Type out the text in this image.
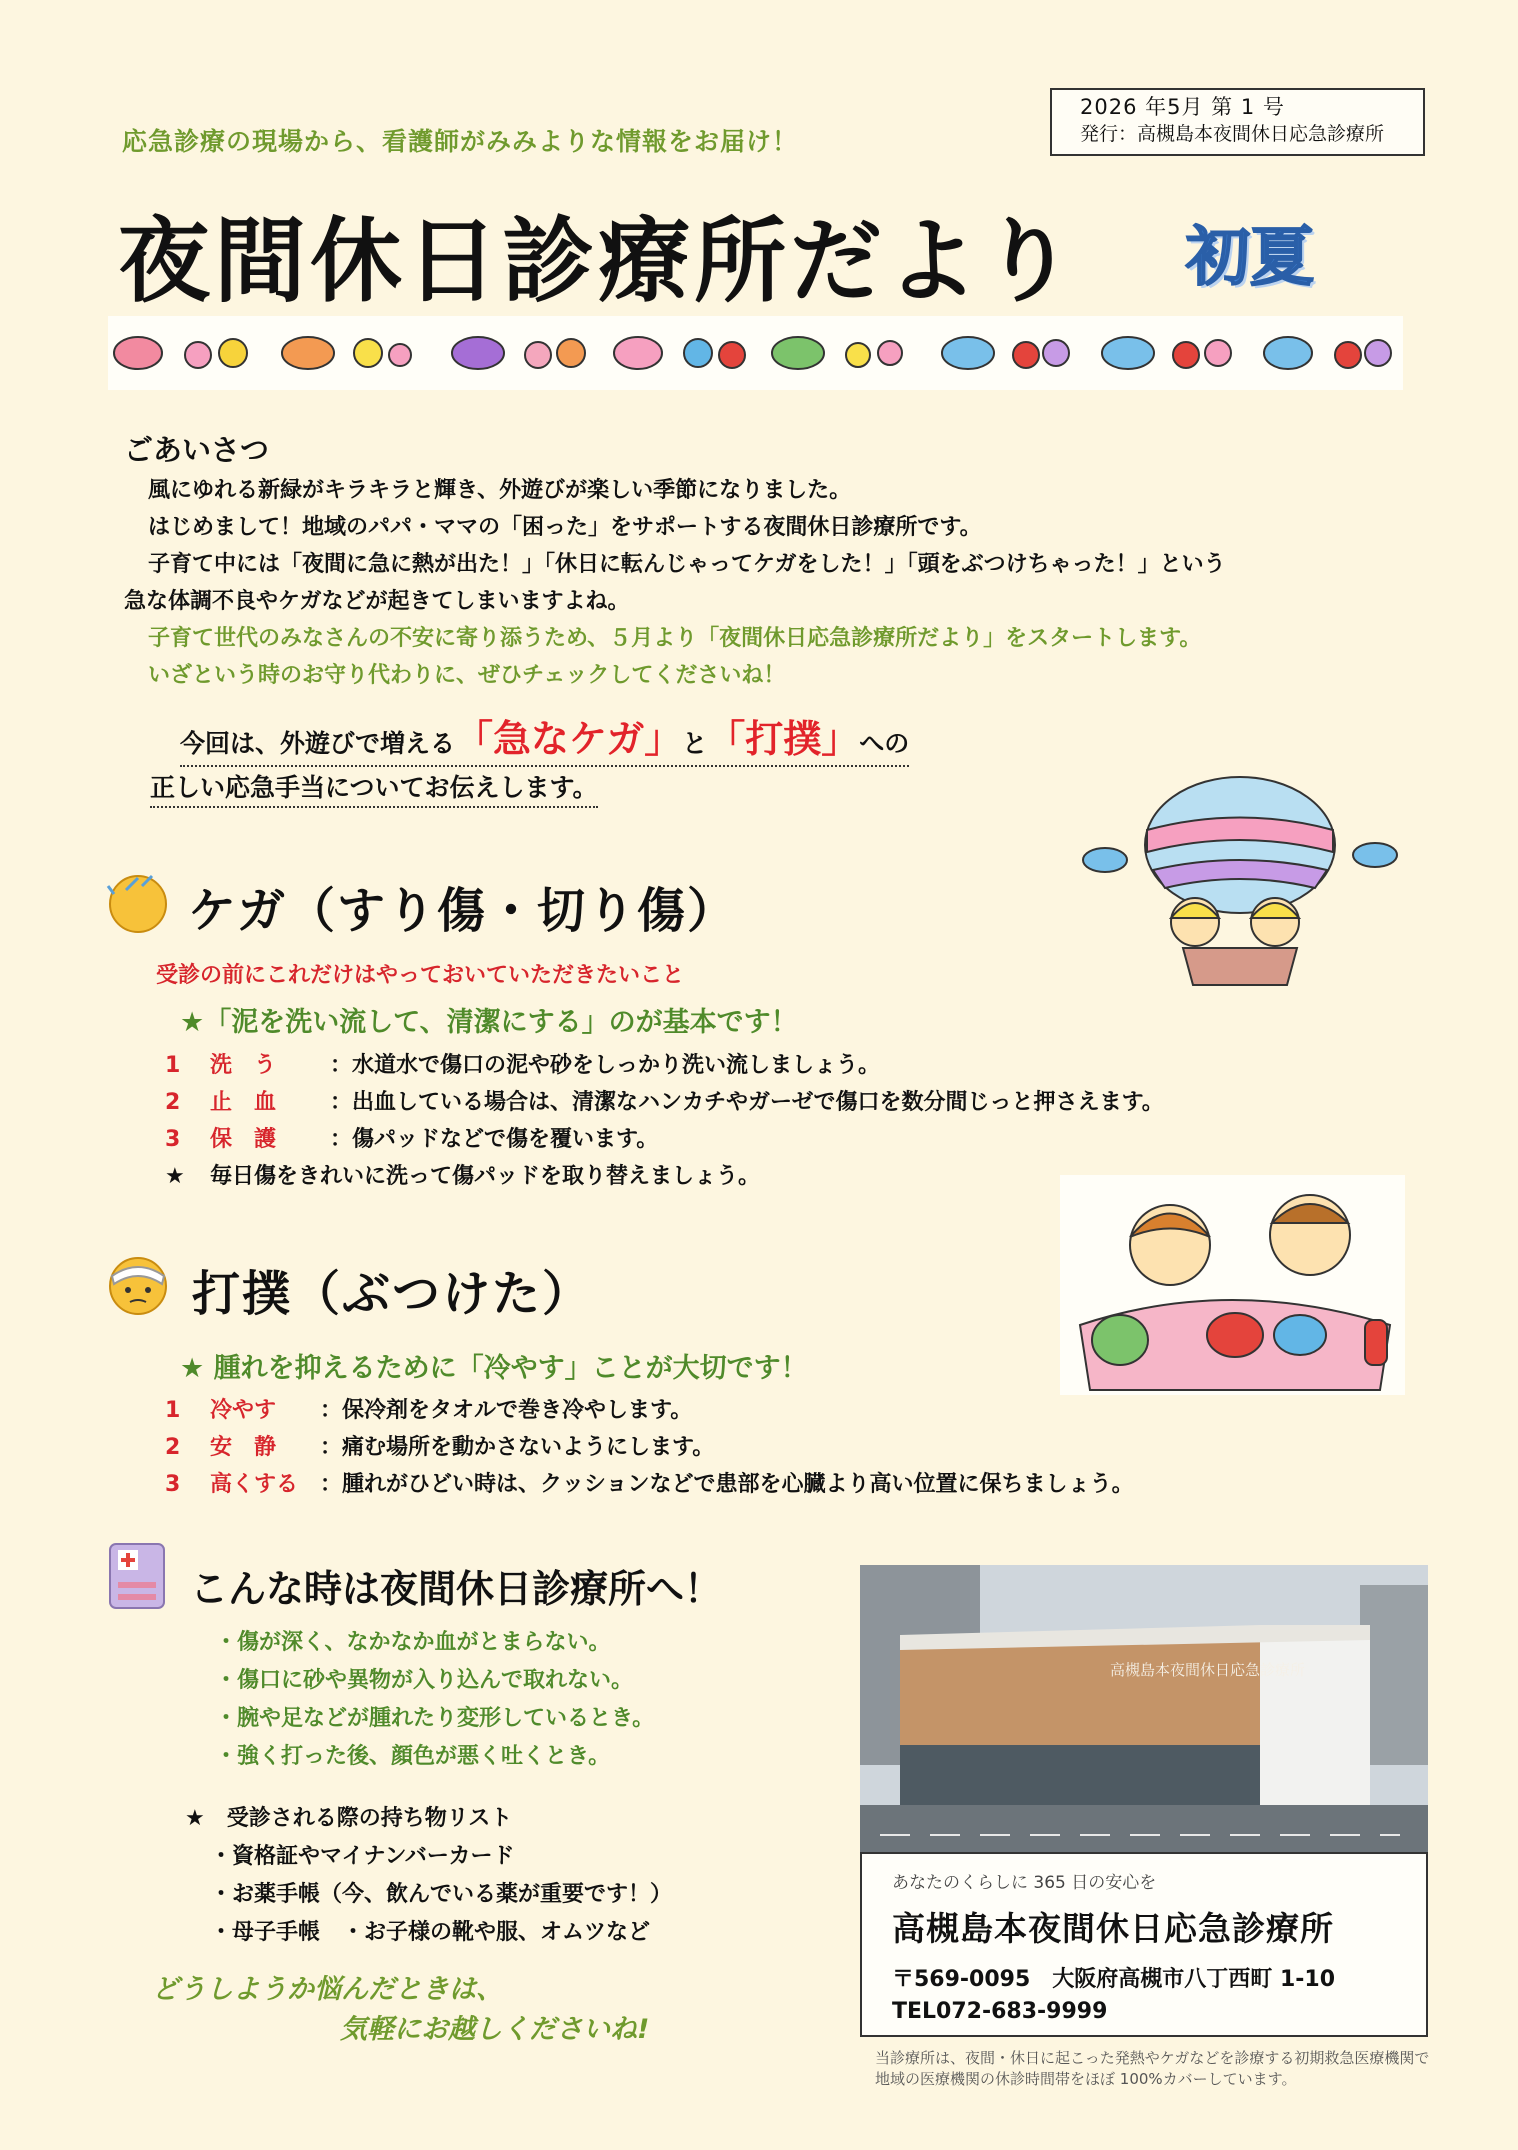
応急診療の現場から、看護師がみみよりな情報をお届け！
2026 年5月 第 1 号
発行：高槻島本夜間休日応急診療所
夜間休日診療所だより 初夏
ごあいさつ

風にゆれる新緑がキラキラと輝き、外遊びが楽しい季節になりました。

はじめまして！地域のパパ・ママの「困った」をサポートする夜間休日診療所です。

子育て中には「夜間に急に熱が出た！」「休日に転んじゃってケガをした！」「頭をぶつけちゃった！」という

急な体調不良やケガなどが起きてしまいますよね。

子育て世代のみなさんの不安に寄り添うため、５月より「夜間休日応急診療所だより」をスタートします。

いざという時のお守り代わりに、ぜひチェックしてくださいね！

今回は、外遊びで増える「急なケガ」と「打撲」への
正しい応急手当についてお伝えします。
ケガ（すり傷・切り傷）
受診の前にこれだけはやっておいていただきたいこと
★「泥を洗い流して、清潔にする」のが基本です！
1	洗　う	：水道水で傷口の泥や砂をしっかり洗い流しましょう。
2	止　血	：出血している場合は、清潔なハンカチやガーゼで傷口を数分間じっと押さえます。
3	保　護	：傷パッドなどで傷を覆います。
★	毎日傷をきれいに洗って傷パッドを取り替えましょう。
打撲（ぶつけた）
★ 腫れを抑えるために「冷やす」ことが大切です！
1	冷やす	：保冷剤をタオルで巻き冷やします。
2	安　静	：痛む場所を動かさないようにします。
3	高くする ：腫れがひどい時は、クッションなどで患部を心臓より高い位置に保ちましょう。
こんな時は夜間休日診療所へ！
・傷が深く、なかなか血がとまらない。
・傷口に砂や異物が入り込んで取れない。
・腕や足などが腫れたり変形しているとき。
・強く打った後、顔色が悪く吐くとき。
★　受診される際の持ち物リスト
・資格証やマイナンバーカード
・お薬手帳（今、飲んでいる薬が重要です！）
・母子手帳　・お子様の靴や服、オムツなど
どうしようか悩んだときは、
気軽にお越しくださいね!
高槻島本夜間休日応急診療所
あなたのくらしに 365 日の安心を
高槻島本夜間休日応急診療所
〒569-0095　大阪府高槻市八丁西町 1-10
TEL072-683-9999
当診療所は、夜間・休日に起こった発熱やケガなどを診療する初期救急医療機関で地域の医療機関の休診時間帯をほぼ 100%カバーしています。
